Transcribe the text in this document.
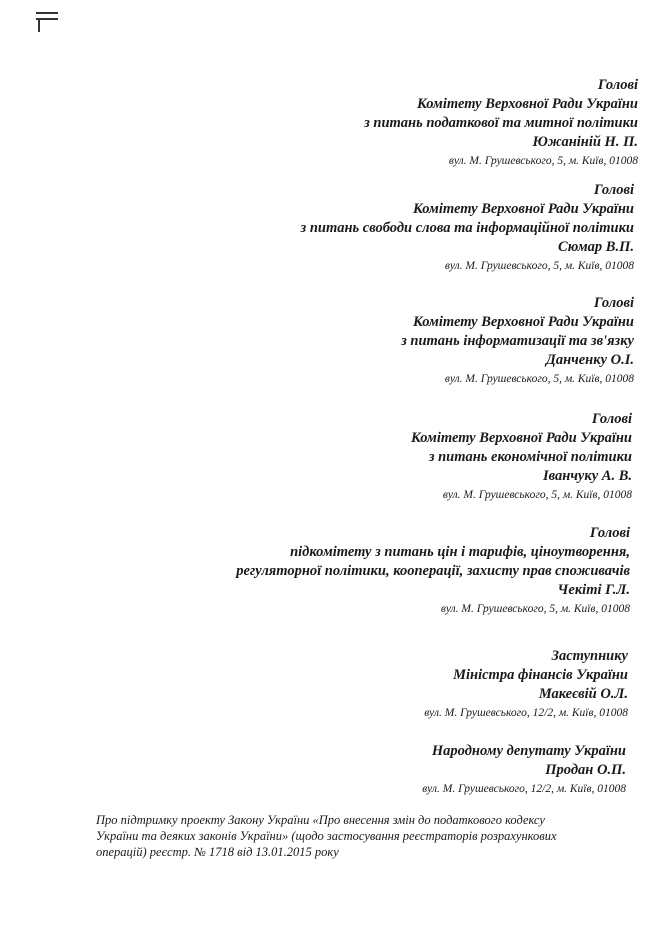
Голові
Комітету Верховної Ради України
з питань податкової та митної політики
Южаніній Н. П.
вул. М. Грушевського, 5, м. Київ, 01008
Голові
Комітету Верховної Ради України
з питань свободи слова та інформаційної політики
Сюмар В.П.
вул. М. Грушевського, 5, м. Київ, 01008
Голові
Комітету Верховної Ради України
з питань інформатизації та зв'язку
Данченку О.І.
вул. М. Грушевського, 5, м. Київ, 01008
Голові
Комітету Верховної Ради України
з питань економічної політики
Іванчуку А. В.
вул. М. Грушевського, 5, м. Київ, 01008
Голові
підкомітету з питань цін і тарифів, ціноутворення,
регуляторної політики, кооперації, захисту прав споживачів
Чекіті Г.Л.
вул. М. Грушевського, 5, м. Київ, 01008
Заступнику
Міністра фінансів України
Макеєвій О.Л.
вул. М. Грушевського, 12/2, м. Київ, 01008
Народному депутату України
Продан О.П.
вул. М. Грушевського, 12/2, м. Київ, 01008
Про підтримку проекту Закону України «Про внесення змін до податкового кодексу
України та деяких законів України» (щодо застосування реєстраторів розрахункових
операцій) реєстр. № 1718 від 13.01.2015 року
